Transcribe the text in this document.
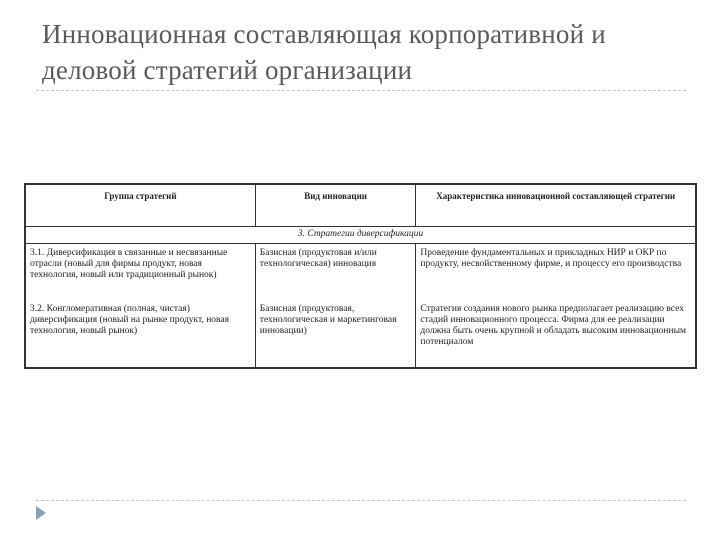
Инновационная составляющая корпоративной и деловой стратегий организации
Группа стратегий	Вид инновации	Характеристика инновационной составляющей стратегии
3. Стратегии диверсификации		
3.1. Диверсификация в связанные и несвязанные отрасли (новый для фирмы продукт, новая технология, новый или традиционный рынок)	Базисная (продуктовая и/или технологическая) инновация	Проведение фундаментальных и прикладных НИР и ОКР по продукту, несвойственному фирме, и процессу его производства
3.2. Конгломеративная (полная, чистая) диверсификация (новый на рынке продукт, новая технология, новый рынок)	Базисная (продуктовая, технологическая и маркетинговая инновации)	Стратегия создания нового рынка предполагает реализацию всех стадий инновационного процесса. Фирма для ее реализации должна быть очень крупной и обладать высоким инновационным потенциалом
